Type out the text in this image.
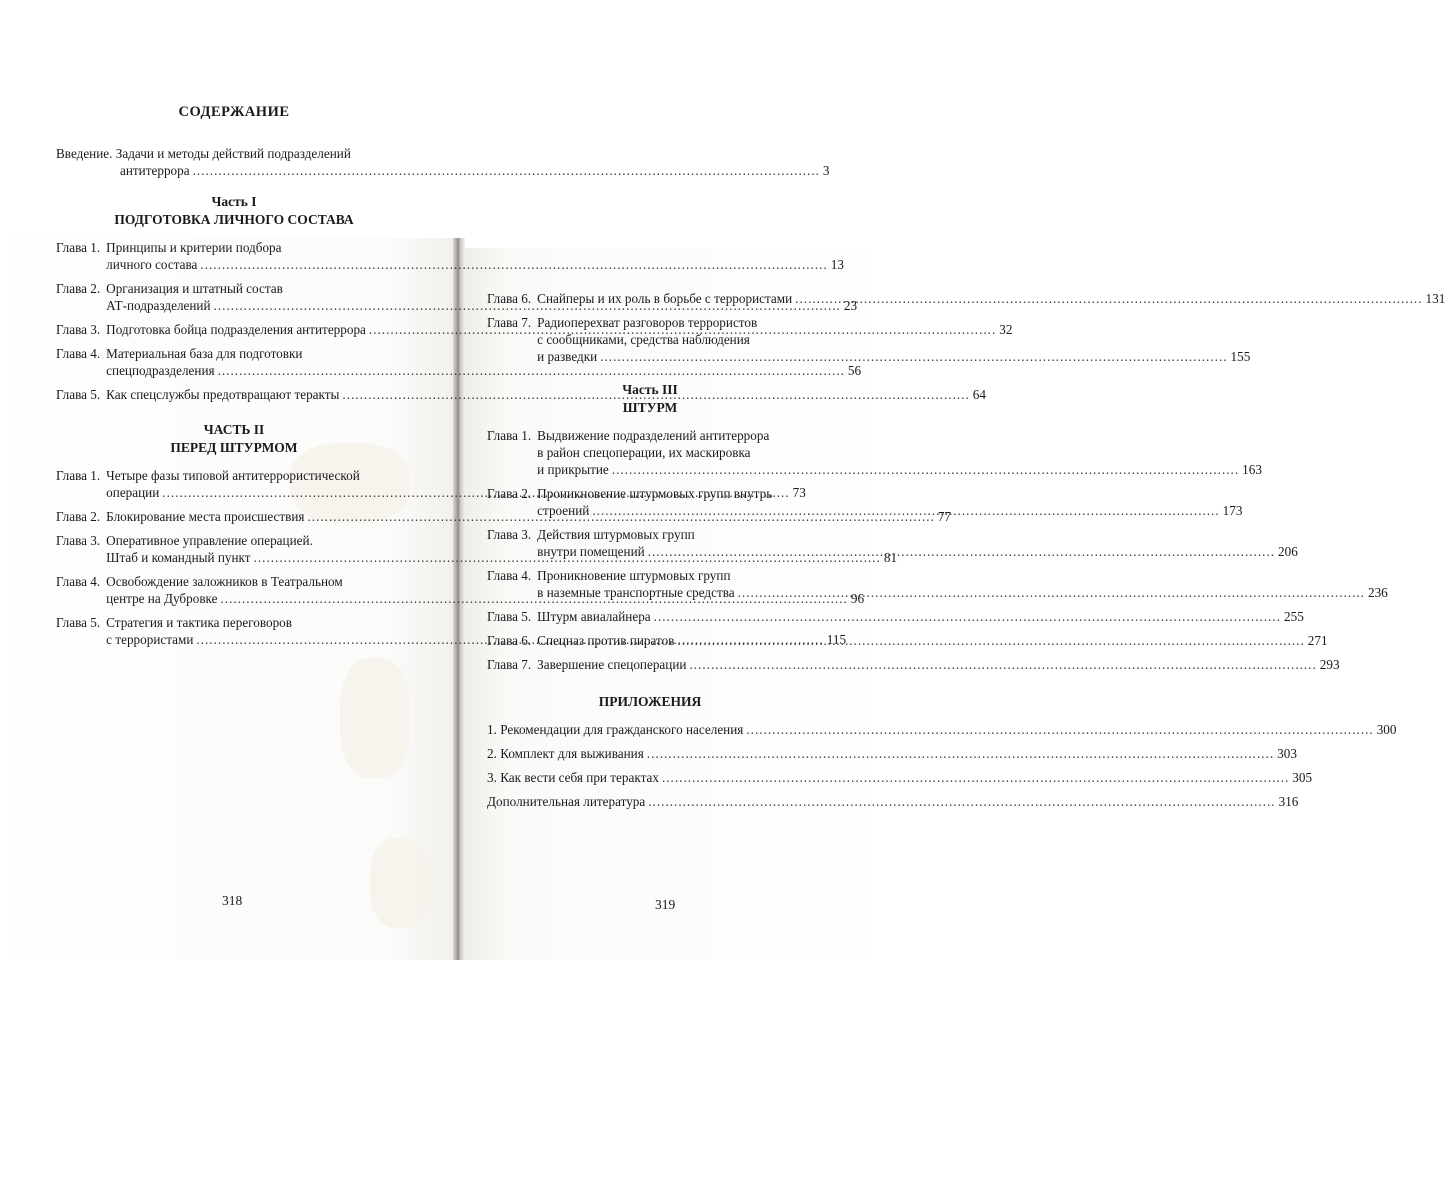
СОДЕРЖАНИЕ
Введение. Задачи и методы действий подразделений
антитеррора .....	3
Часть I
ПОДГОТОВКА ЛИЧНОГО СОСТАВА
Глава 1. Принципы и критерии подбора
личного состава .....	13
Глава 2. Организация и штатный состав
АТ-подразделений .....	23
Глава 3. Подготовка бойца подразделения антитеррора .....	32
Глава 4. Материальная база для подготовки
спецподразделения .....	56
Глава 5. Как спецслужбы предотвращают теракты .....	64
ЧАСТЬ II
ПЕРЕД ШТУРМОМ
Глава 1. Четыре фазы типовой антитеррористической
операции .....	73
Глава 2. Блокирование места происшествия .....	77
Глава 3. Оперативное управление операцией.
Штаб и командный пункт .....	81
Глава 4. Освобождение заложников в Театральном
центре на Дубровке .....	96
Глава 5. Стратегия и тактика переговоров
с террористами .....	115
318
Глава 6. Снайперы и их роль в борьбе с террористами .....	131
Глава 7. Радиоперехват разговоров террористов
с сообщниками, средства наблюдения
и разведки .....	155
Часть III
ШТУРМ
Глава 1. Выдвижение подразделений антитеррора
в район спецоперации, их маскировка
и прикрытие .....	163
Глава 2. Проникновение штурмовых групп внутрь
строений .....	173
Глава 3. Действия штурмовых групп
внутри помещений .....	206
Глава 4. Проникновение штурмовых групп
в наземные транспортные средства .....	236
Глава 5. Штурм авиалайнера .....	255
Глава 6. Спецназ против пиратов .....	271
Глава 7. Завершение спецоперации .....	293
ПРИЛОЖЕНИЯ
1. Рекомендации для гражданского населения .....	300
2. Комплект для выживания .....	303
3. Как вести себя при терактах .....	305
Дополнительная литература .....	316
319
